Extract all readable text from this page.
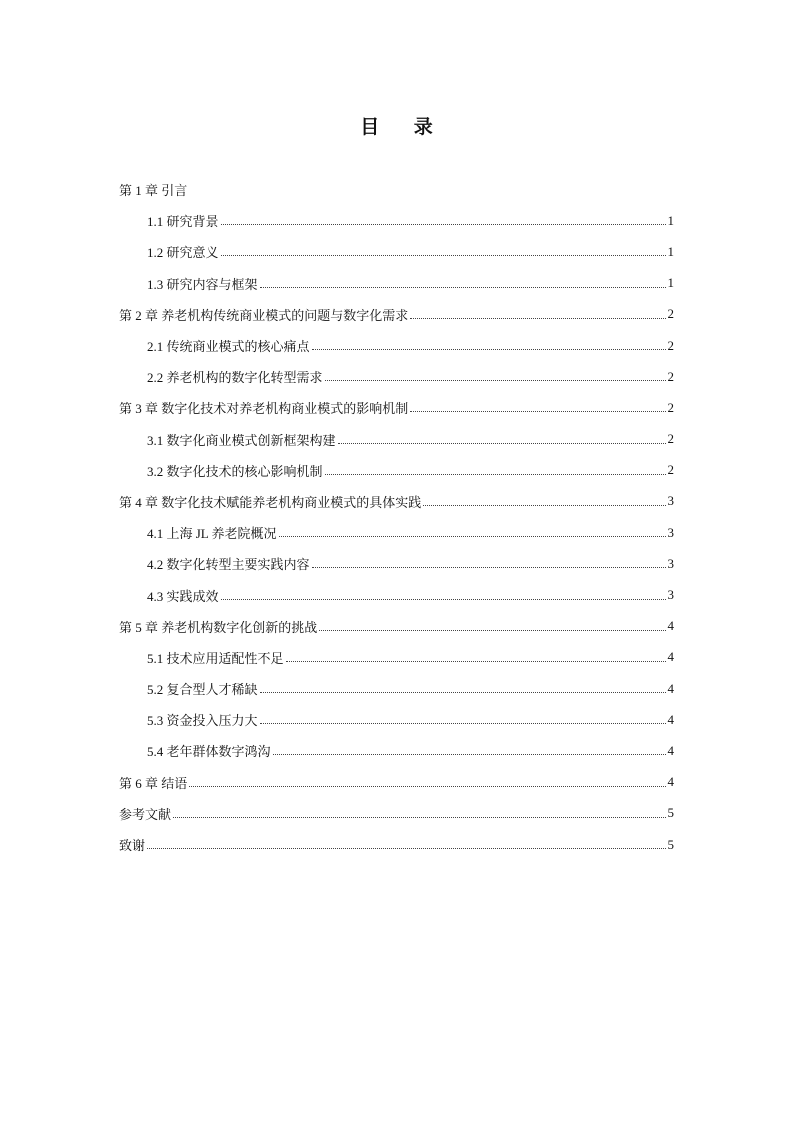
目 录
第 1 章 引言
1.1 研究背景	1
1.2 研究意义	1
1.3 研究内容与框架	1
第 2 章 养老机构传统商业模式的问题与数字化需求	2
2.1 传统商业模式的核心痛点	2
2.2 养老机构的数字化转型需求	2
第 3 章 数字化技术对养老机构商业模式的影响机制	2
3.1 数字化商业模式创新框架构建	2
3.2 数字化技术的核心影响机制	2
第 4 章 数字化技术赋能养老机构商业模式的具体实践	3
4.1 上海 JL 养老院概况	3
4.2 数字化转型主要实践内容	3
4.3 实践成效	3
第 5 章 养老机构数字化创新的挑战	4
5.1 技术应用适配性不足	4
5.2 复合型人才稀缺	4
5.3 资金投入压力大	4
5.4 老年群体数字鸿沟	4
第 6 章 结语	4
参考文献	5
致谢	5
